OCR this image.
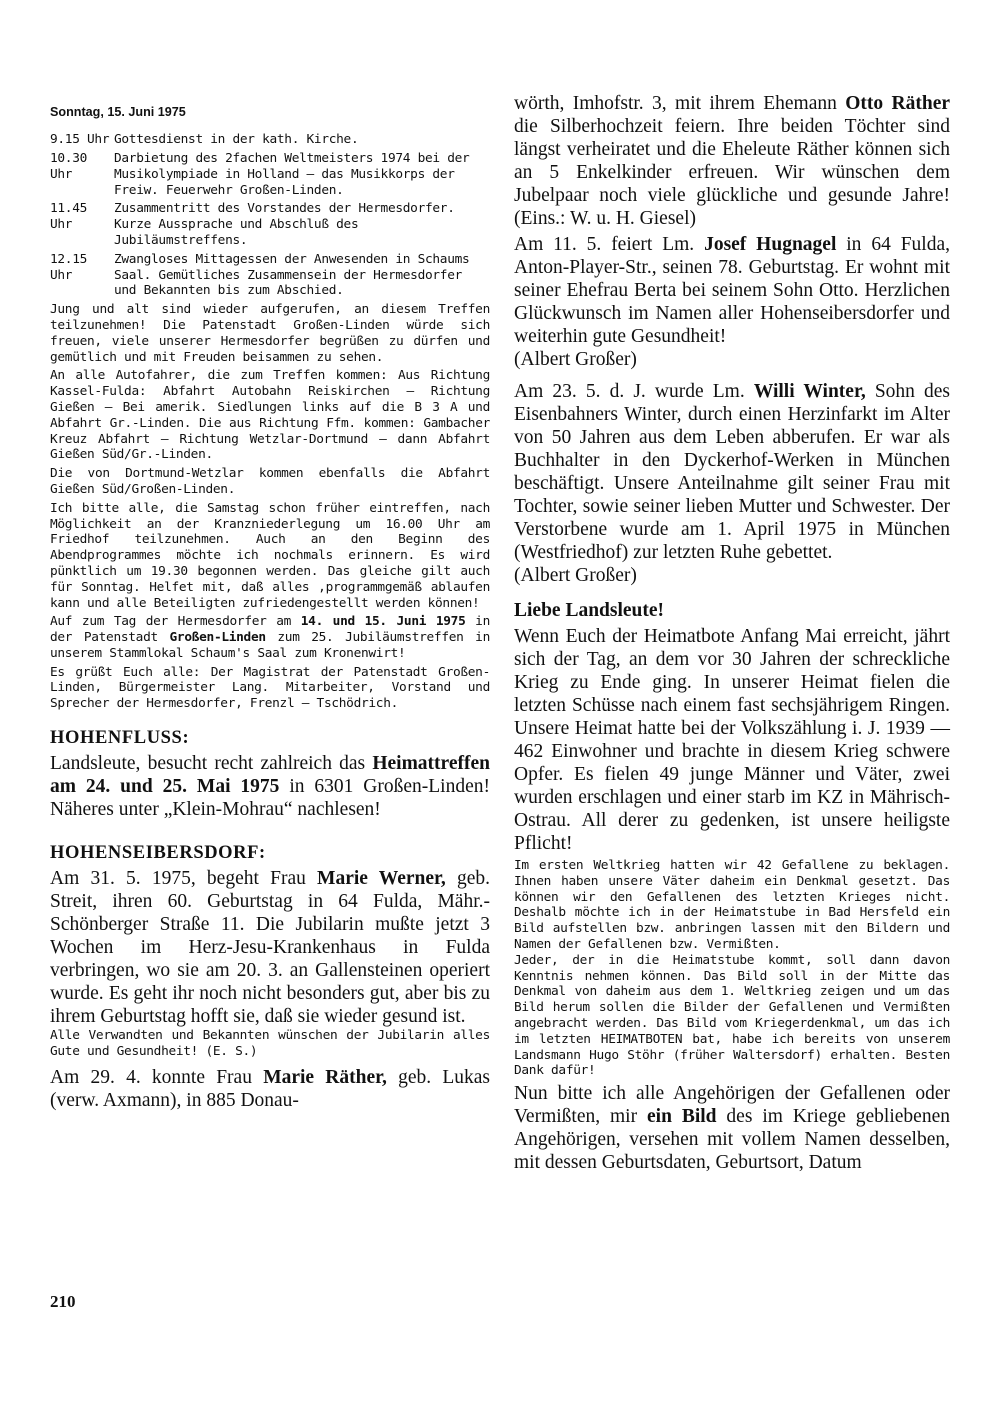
Sonntag, 15. Juni 1975

9.15 Uhr Gottesdienst in der kath. Kirche.
10.30 Uhr
Darbietung des 2fachen Weltmeisters 1974 bei der Musikolympiade in Holland – das Musikkorps der Freiw. Feuerwehr Großen-Linden.
11.45 Uhr
Zusammentritt des Vorstandes der Hermesdorfer. Kurze Aussprache und Abschluß des Jubiläumstreffens.
12.15 Uhr
Zwangloses Mittagessen der Anwesenden in Schaums Saal. Gemütliches Zusammensein der Hermesdorfer und Bekannten bis zum Abschied.

Jung und alt sind wieder aufgerufen, an diesem Treffen teilzunehmen! Die Patenstadt Großen-Linden würde sich freuen, viele unserer Hermesdorfer begrüßen zu dürfen und gemütlich und mit Freuden beisammen zu sehen.

An alle Autofahrer, die zum Treffen kommen: Aus Richtung Kassel-Fulda: Abfahrt Autobahn Reiskirchen – Richtung Gießen – Bei amerik. Siedlungen links auf die B 3 A und Abfahrt Gr.-Linden. Die aus Richtung Ffm. kommen: Gambacher Kreuz Abfahrt – Richtung Wetzlar-Dortmund – dann Abfahrt Gießen Süd/Gr.-Linden.

Die von Dortmund-Wetzlar kommen ebenfalls die Abfahrt Gießen Süd/Großen-Linden.

Ich bitte alle, die Samstag schon früher eintreffen, nach Möglichkeit an der Kranzniederlegung um 16.00 Uhr am Friedhof teilzunehmen. Auch an den Beginn des Abendprogrammes möchte ich nochmals erinnern. Es wird pünktlich um 19.30 begonnen werden. Das gleiche gilt auch für Sonntag. Helfet mit, daß alles ‚programmgemäß ablaufen kann und alle Beteiligten zufriedengestellt werden können!

Auf zum Tag der Hermesdorfer am 14. und 15. Juni 1975 in der Patenstadt Großen-Linden zum 25. Jubiläumstreffen in unserem Stammlokal Schaum's Saal zum Kronenwirt!

Es grüßt Euch alle: Der Magistrat der Patenstadt Großen-Linden, Bürgermeister Lang. Mitarbeiter, Vorstand und Sprecher der Hermesdorfer, Frenzl – Tschödrich.

HOHENFLUSS:

Landsleute, besucht recht zahlreich das Heimattreffen am 24. und 25. Mai 1975 in 6301 Großen-Linden! Näheres unter „Klein-Mohrau“ nachlesen!

HOHENSEIBERSDORF:

Am 31. 5. 1975, begeht Frau Marie Werner, geb. Streit, ihren 60. Geburtstag in 64 Fulda, Mähr.-Schönberger Straße 11. Die Jubilarin mußte jetzt 3 Wochen im Herz-Jesu-Krankenhaus in Fulda verbringen, wo sie am 20. 3. an Gallensteinen operiert wurde. Es geht ihr noch nicht besonders gut, aber bis zu ihrem Geburtstag hofft sie, daß sie wieder gesund ist.

Alle Verwandten und Bekannten wünschen der Jubilarin alles Gute und Gesundheit! (E. S.)

Am 29. 4. konnte Frau Marie Räther, geb. Lukas (verw. Axmann), in 885 Donau-

wörth, Imhofstr. 3, mit ihrem Ehemann Otto Räther die Silberhochzeit feiern. Ihre beiden Töchter sind längst verheiratet und die Eheleute Räther können sich an 5 Enkelkinder erfreuen. Wir wünschen dem Jubelpaar noch viele glückliche und gesunde Jahre! (Eins.: W. u. H. Giesel)

Am 11. 5. feiert Lm. Josef Hugnagel in 64 Fulda, Anton-Player-Str., seinen 78. Geburtstag. Er wohnt mit seiner Ehefrau Berta bei seinem Sohn Otto. Herzlichen Glückwunsch im Namen aller Hohenseibersdorfer und weiterhin gute Gesundheit!

(Albert Großer)

Am 23. 5. d. J. wurde Lm. Willi Winter, Sohn des Eisenbahners Winter, durch einen Herzinfarkt im Alter von 50 Jahren aus dem Leben abberufen. Er war als Buchhalter in den Dyckerhof-Werken in München beschäftigt. Unsere Anteilnahme gilt seiner Frau mit Tochter, sowie seiner lieben Mutter und Schwester. Der Verstorbene wurde am 1. April 1975 in München (Westfriedhof) zur letzten Ruhe gebettet.

(Albert Großer)

Liebe Landsleute!

Wenn Euch der Heimatbote Anfang Mai erreicht, jährt sich der Tag, an dem vor 30 Jahren der schreckliche Krieg zu Ende ging. In unserer Heimat fielen die letzten Schüsse nach einem fast sechsjährigem Ringen. Unsere Heimat hatte bei der Volkszählung i. J. 1939 — 462 Einwohner und brachte in diesem Krieg schwere Opfer. Es fielen 49 junge Männer und Väter, zwei wurden erschlagen und einer starb im KZ in Mährisch-Ostrau. All derer zu gedenken, ist unsere heiligste Pflicht!

Im ersten Weltkrieg hatten wir 42 Gefallene zu beklagen. Ihnen haben unsere Väter daheim ein Denkmal gesetzt. Das können wir den Gefallenen des letzten Krieges nicht. Deshalb möchte ich in der Heimatstube in Bad Hersfeld ein Bild aufstellen bzw. anbringen lassen mit den Bildern und Namen der Gefallenen bzw. Vermißten.

Jeder, der in die Heimatstube kommt, soll dann davon Kenntnis nehmen können. Das Bild soll in der Mitte das Denkmal von daheim aus dem 1. Weltkrieg zeigen und um das Bild herum sollen die Bilder der Gefallenen und Vermißten angebracht werden. Das Bild vom Kriegerdenkmal, um das ich im letzten HEIMATBOTEN bat, habe ich bereits von unserem Landsmann Hugo Stöhr (früher Waltersdorf) erhalten. Besten Dank dafür!

Nun bitte ich alle Angehörigen der Gefallenen oder Vermißten, mir ein Bild des im Kriege gebliebenen Angehörigen, versehen mit vollem Namen desselben, mit dessen Geburtsdaten, Geburtsort, Datum

210
